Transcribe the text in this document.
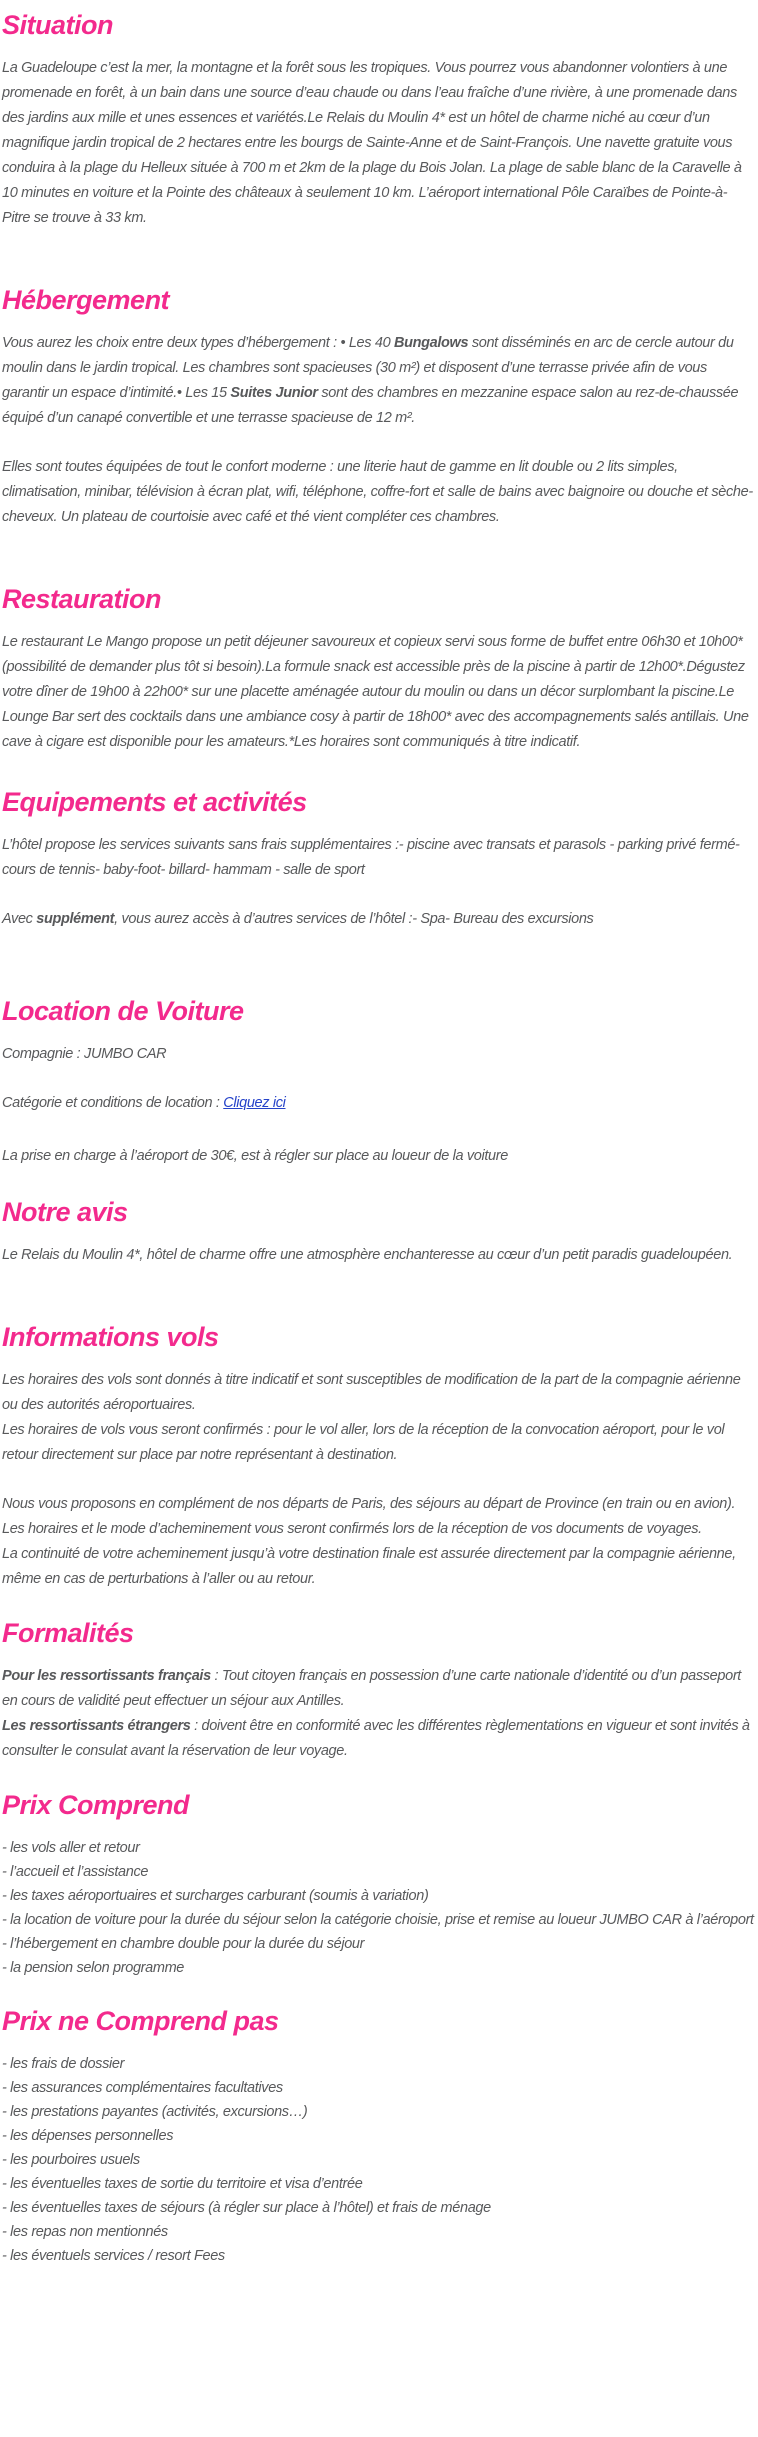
Situation

La Guadeloupe c’est la mer, la montagne et la forêt sous les tropiques. Vous pourrez vous abandonner volontiers à une promenade en forêt, à un bain dans une source d’eau chaude ou dans l’eau fraîche d’une rivière, à une promenade dans des jardins aux mille et unes essences et variétés.Le Relais du Moulin 4* est un hôtel de charme niché au cœur d’un magnifique jardin tropical de 2 hectares entre les bourgs de Sainte-Anne et de Saint-François. Une navette gratuite vous conduira à la plage du Helleux située à 700 m et 2km de la plage du Bois Jolan. La plage de sable blanc de la Caravelle à 10 minutes en voiture et la Pointe des châteaux à seulement 10 km. L’aéroport international Pôle Caraïbes de Pointe-à-Pitre se trouve à 33 km.

Hébergement

Vous aurez les choix entre deux types d’hébergement : • Les 40 Bungalows sont disséminés en arc de cercle autour du moulin dans le jardin tropical. Les chambres sont spacieuses (30 m²) et disposent d’une terrasse privée afin de vous garantir un espace d’intimité.• Les 15 Suites Junior sont des chambres en mezzanine espace salon au rez-de-chaussée équipé d’un canapé convertible et une terrasse spacieuse de 12 m².

Elles sont toutes équipées de tout le confort moderne : une literie haut de gamme en lit double ou 2 lits simples, climatisation, minibar, télévision à écran plat, wifi, téléphone, coffre-fort et salle de bains avec baignoire ou douche et sèche-cheveux. Un plateau de courtoisie avec café et thé vient compléter ces chambres.

Restauration

Le restaurant Le Mango propose un petit déjeuner savoureux et copieux servi sous forme de buffet entre 06h30 et 10h00* (possibilité de demander plus tôt si besoin).La formule snack est accessible près de la piscine à partir de 12h00*.Dégustez votre dîner de 19h00 à 22h00* sur une placette aménagée autour du moulin ou dans un décor surplombant la piscine.Le Lounge Bar sert des cocktails dans une ambiance cosy à partir de 18h00* avec des accompagnements salés antillais. Une cave à cigare est disponible pour les amateurs.*Les horaires sont communiqués à titre indicatif.

Equipements et activités

L’hôtel propose les services suivants sans frais supplémentaires :- piscine avec transats et parasols - parking privé fermé- cours de tennis- baby-foot- billard- hammam - salle de sport

Avec supplément, vous aurez accès à d’autres services de l’hôtel :- Spa- Bureau des excursions

Location de Voiture

Compagnie : JUMBO CAR

Catégorie et conditions de location : Cliquez ici

La prise en charge à l’aéroport de 30€, est à régler sur place au loueur de la voiture

Notre avis

Le Relais du Moulin 4*, hôtel de charme offre une atmosphère enchanteresse au cœur d’un petit paradis guadeloupéen.

Informations vols

Les horaires des vols sont donnés à titre indicatif et sont susceptibles de modification de la part de la compagnie aérienne ou des autorités aéroportuaires.
Les horaires de vols vous seront confirmés : pour le vol aller, lors de la réception de la convocation aéroport, pour le vol retour directement sur place par notre représentant à destination.

Nous vous proposons en complément de nos départs de Paris, des séjours au départ de Province (en train ou en avion). Les horaires et le mode d’acheminement vous seront confirmés lors de la réception de vos documents de voyages.
La continuité de votre acheminement jusqu’à votre destination finale est assurée directement par la compagnie aérienne, même en cas de perturbations à l’aller ou au retour.

Formalités

Pour les ressortissants français : Tout citoyen français en possession d’une carte nationale d’identité ou d’un passeport en cours de validité peut effectuer un séjour aux Antilles.
Les ressortissants étrangers : doivent être en conformité avec les différentes règlementations en vigueur et sont invités à consulter le consulat avant la réservation de leur voyage.

Prix Comprend
- les vols aller et retour
- l’accueil et l’assistance
- les taxes aéroportuaires et surcharges carburant (soumis à variation)
- la location de voiture pour la durée du séjour selon la catégorie choisie, prise et remise au loueur JUMBO CAR à l’aéroport
- l’hébergement en chambre double pour la durée du séjour
- la pension selon programme
Prix ne Comprend pas
- les frais de dossier
- les assurances complémentaires facultatives
- les prestations payantes (activités, excursions…)
- les dépenses personnelles
- les pourboires usuels
- les éventuelles taxes de sortie du territoire et visa d’entrée
- les éventuelles taxes de séjours (à régler sur place à l’hôtel) et frais de ménage
- les repas non mentionnés
- les éventuels services / resort Fees
